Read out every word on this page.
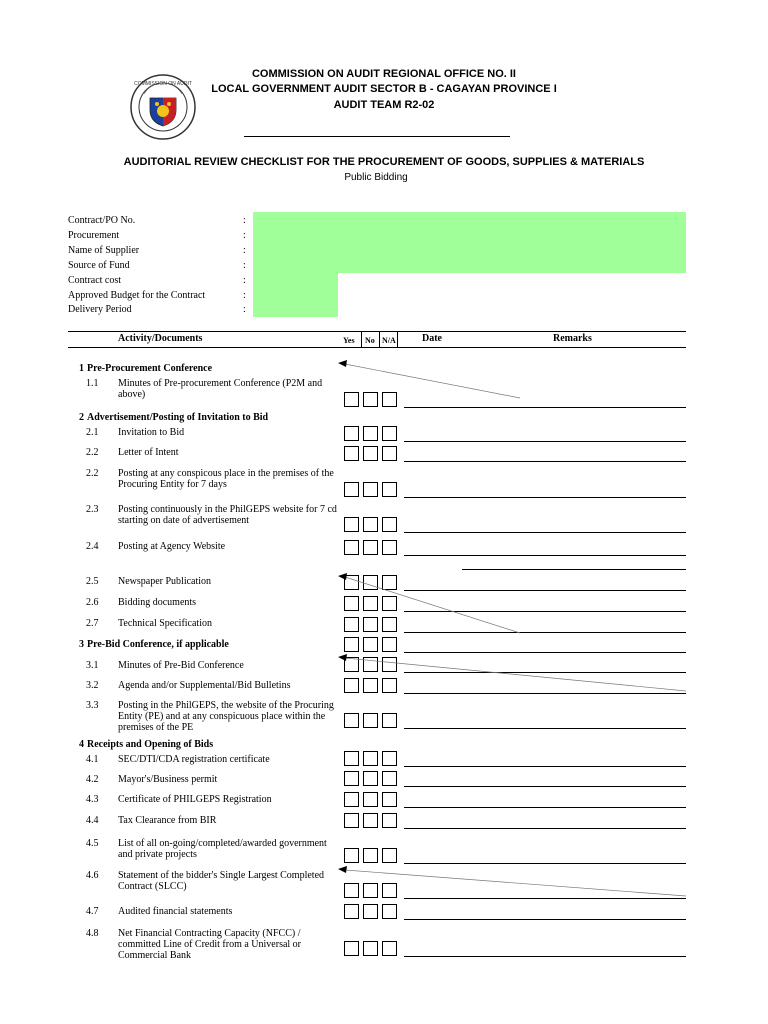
COMMISSION ON AUDIT
COMMISSION ON AUDIT REGIONAL OFFICE NO. II
LOCAL GOVERNMENT AUDIT SECTOR B - CAGAYAN PROVINCE I
AUDIT TEAM R2-02
AUDITORIAL REVIEW CHECKLIST FOR THE PROCUREMENT OF GOODS, SUPPLIES & MATERIALS
Public Bidding
Contract/PO No.	:
Procurement	:
Name of Supplier	:
Source of Fund	:
Contract cost	:
Approved Budget for the Contract	:
Delivery Period	:
Activity/Documents	Yes No N/A	Date	Remarks
1 Pre-Procurement Conference
1.1 Minutes of Pre-procurement Conference (P2M and above)
2 Advertisement/Posting of Invitation to Bid
2.1 Invitation to Bid
2.2 Letter of Intent
2.2 Posting at any conspicous place in the premises of the Procuring Entity for 7 days
2.3 Posting continuously in the PhilGEPS website for 7 cd starting on date of advertisement
2.4 Posting at Agency Website
2.5 Newspaper Publication
2.6 Bidding documents
2.7 Technical Specification
3 Pre-Bid Conference, if applicable
3.1 Minutes of Pre-Bid Conference
3.2 Agenda and/or Supplemental/Bid Bulletins
3.3 Posting in the PhilGEPS, the website of the Procuring Entity (PE) and at any conspicuous place within the premises of the PE
4 Receipts and Opening of Bids
4.1 SEC/DTI/CDA registration certificate
4.2 Mayor's/Business permit
4.3 Certificate of PHILGEPS Registration
4.4 Tax Clearance from BIR
4.5 List of all on-going/completed/awarded government and private projects
4.6 Statement of the bidder's Single Largest Completed Contract (SLCC)
4.7 Audited financial statements
4.8 Net Financial Contracting Capacity (NFCC) / committed Line of Credit from a Universal or Commercial Bank
